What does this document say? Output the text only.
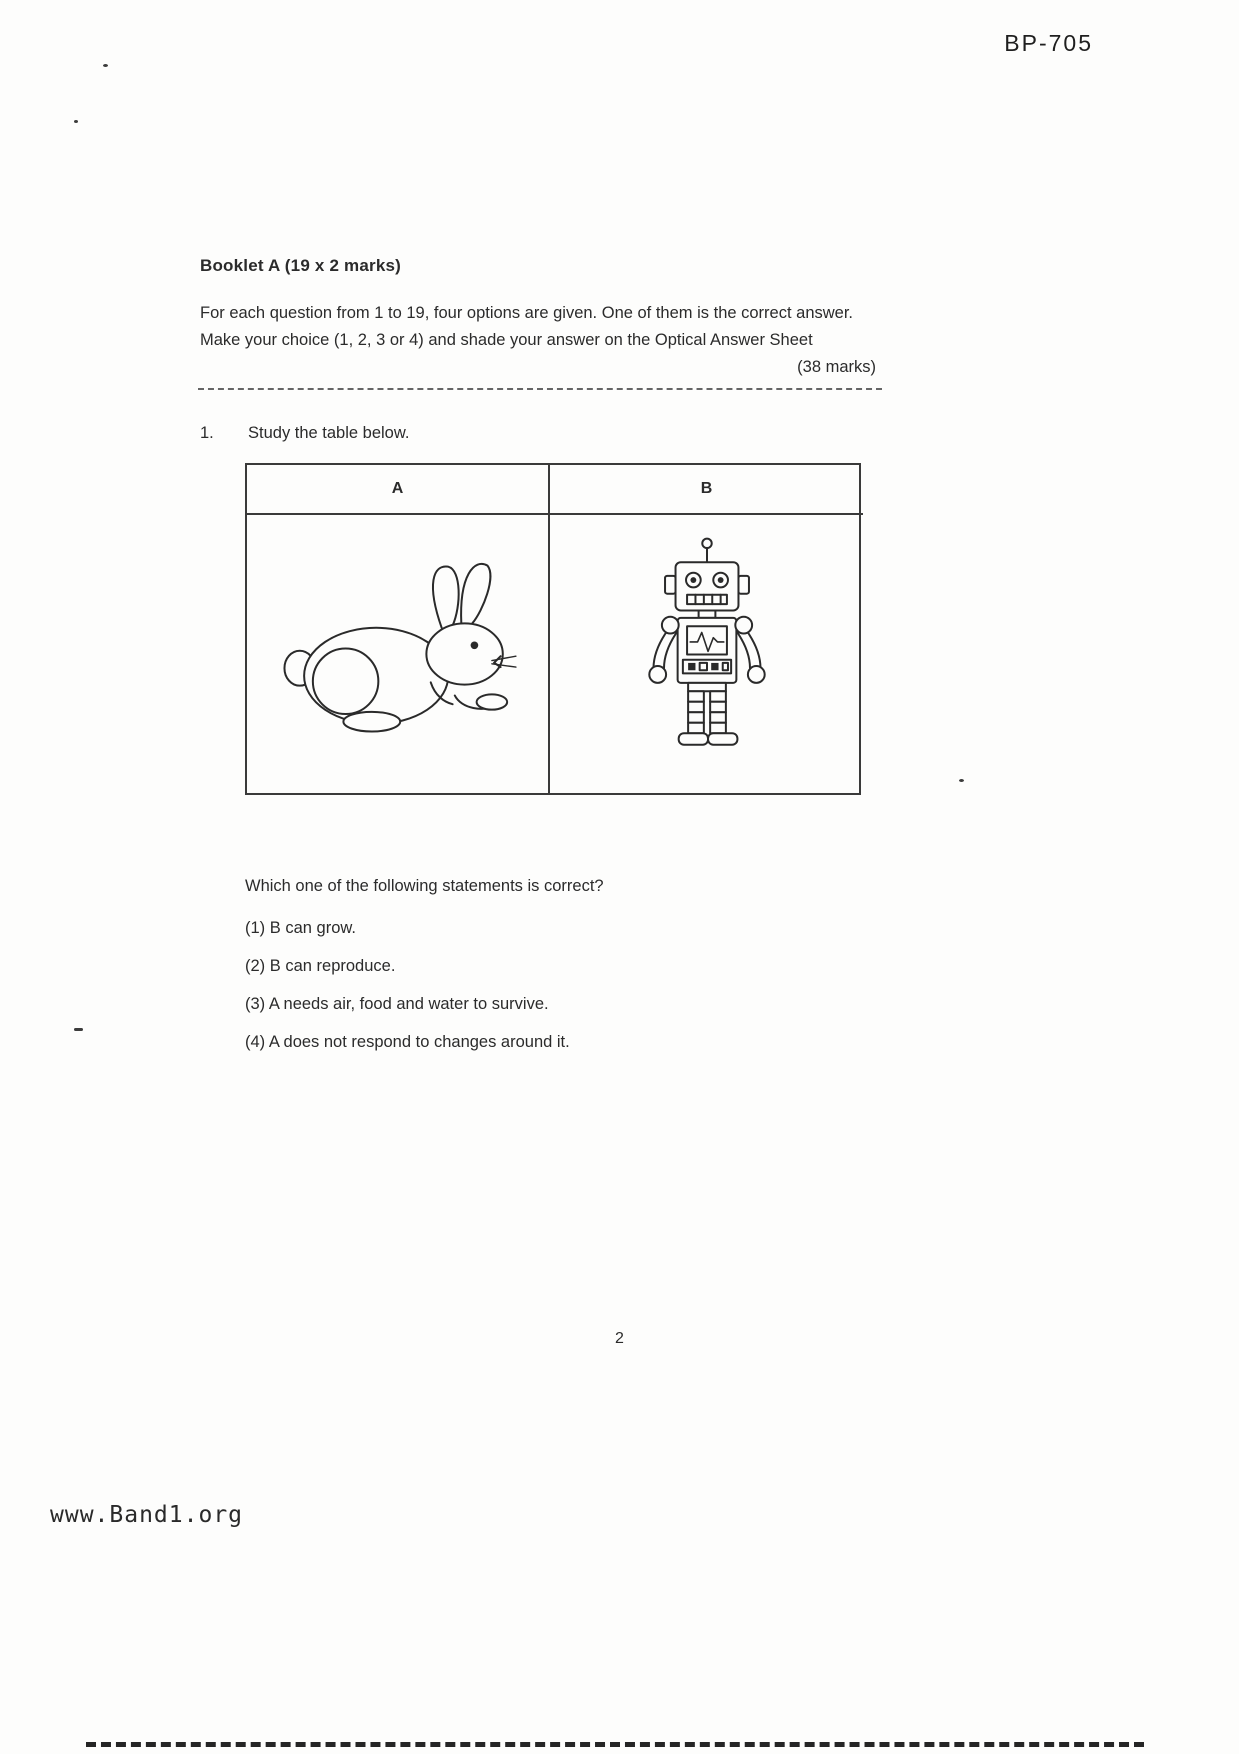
BP-705
Booklet A (19 x 2 marks)
For each question from 1 to 19, four options are given. One of them is the correct answer.
Make your choice (1, 2, 3 or 4) and shade your answer on the Optical Answer Sheet
(38 marks)
1. Study the table below.
A	B
Which one of the following statements is correct?
(1) B can grow.
(2) B can reproduce.
(3) A needs air, food and water to survive.
(4) A does not respond to changes around it.
2
www.Band1.org
